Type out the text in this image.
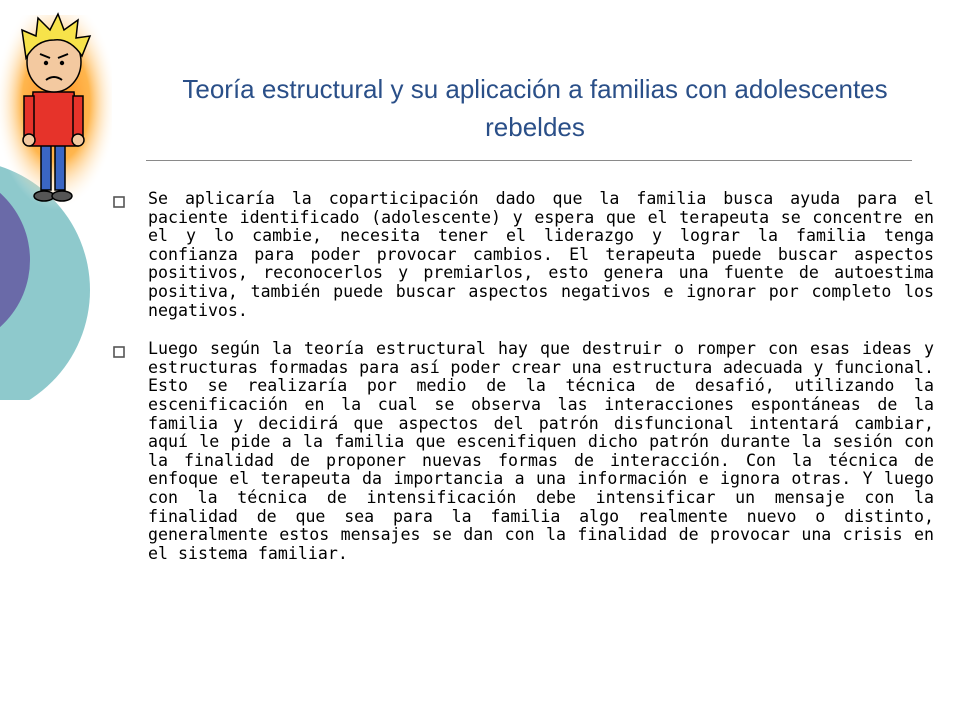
Teoría estructural y su aplicación a familias con adolescentes rebeldes

Se aplicaría la coparticipación dado que la familia busca ayuda para el paciente identificado (adolescente) y espera que el terapeuta se concentre en el y lo cambie, necesita tener el liderazgo y lograr la familia tenga confianza para poder provocar cambios. El terapeuta puede buscar aspectos positivos, reconocerlos y premiarlos, esto genera una fuente de autoestima positiva, también puede buscar aspectos negativos e ignorar por completo los negativos.

Luego según la teoría estructural hay que destruir o romper con esas ideas y estructuras formadas para así poder crear una estructura adecuada y funcional. Esto se realizaría por medio de la técnica de desafió, utilizando la escenificación en la cual se observa las interacciones espontáneas de la familia y decidirá que aspectos del patrón disfuncional intentará cambiar, aquí le pide a la familia que escenifiquen dicho patrón durante la sesión con la finalidad de proponer nuevas formas de interacción. Con la técnica de enfoque el terapeuta da importancia a una información e ignora otras. Y luego con la técnica de intensificación debe intensificar un mensaje con la finalidad de que sea para la familia algo realmente nuevo o distinto, generalmente estos mensajes se dan con la finalidad de provocar una crisis en el sistema familiar.
